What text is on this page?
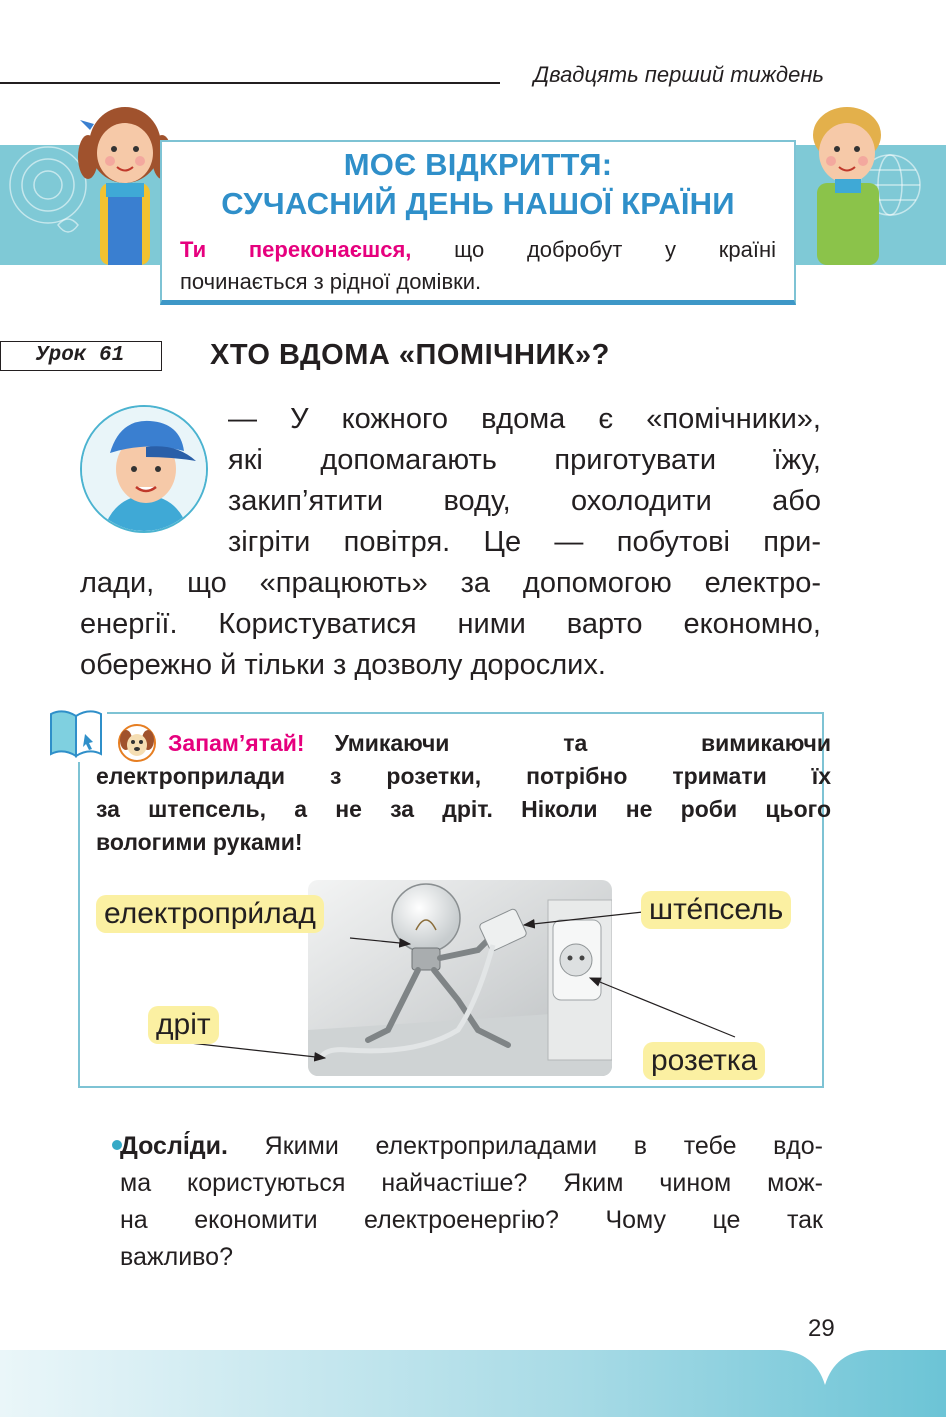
Двадцять перший тиждень
МОЄ ВІДКРИТТЯ:
СУЧАСНИЙ ДЕНЬ НАШОЇ КРАЇНИ
Ти переконаєшся, що добробут у країні
починається з рідної домівки.
Урок 61	ХТО ВДОМА «ПОМІЧНИК»?
— У кожного вдома є «помічники»,
які допомагають приготувати їжу,
закип’ятити воду, охолодити або
зігріти повітря. Це — побутові при-
лади, що «працюють» за допомогою електро-
енергії. Користуватися ними варто економно,
обережно й тільки з дозволу дорослих.
Запам’ятай!	Умикаючи та вимикаючи
електроприлади з розетки, потрібно тримати їх
за штепсель, а не за дріт. Ніколи не роби цього
вологими руками!
електропри́лад	ште́псель
дріт
розетка
Дослі́ди. Якими електроприладами в тебе вдо-
ма користуються найчастіше? Яким чином мож-
на економити електроенергію? Чому це так
важливо?
29
